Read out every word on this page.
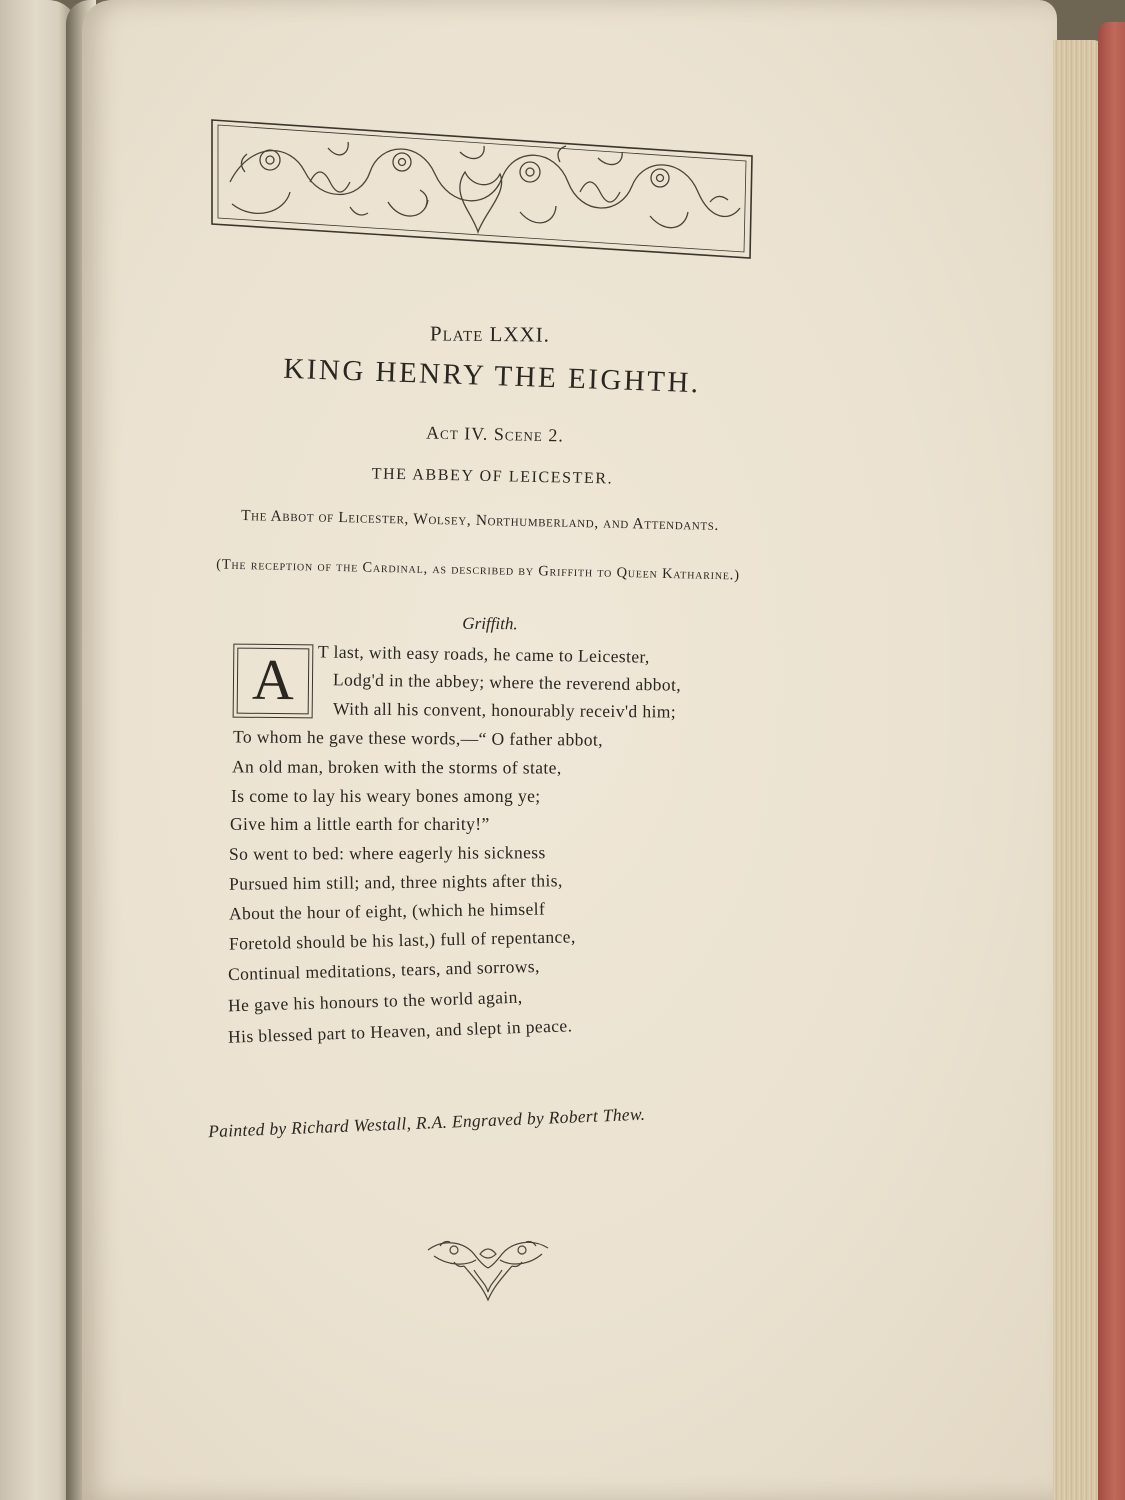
Plate LXXI.

KING HENRY THE EIGHTH.

Act IV. Scene 2.

THE ABBEY OF LEICESTER.

The Abbot of Leicester, Wolsey, Northumberland, and Attendants.

(The reception of the Cardinal, as described by Griffith to Queen Katharine.)

Griffith.

A	T last, with easy roads, he came to Leicester,

Lodg'd in the abbey; where the reverend abbot,

With all his convent, honourably receiv'd him;

To whom he gave these words,—“ O father abbot,

An old man, broken with the storms of state,

Is come to lay his weary bones among ye;

Give him a little earth for charity!”

So went to bed: where eagerly his sickness

Pursued him still; and, three nights after this,

About the hour of eight, (which he himself

Foretold should be his last,) full of repentance,

Continual meditations, tears, and sorrows,

He gave his honours to the world again,

His blessed part to Heaven, and slept in peace.

Painted by Richard Westall, R.A. Engraved by Robert Thew.
